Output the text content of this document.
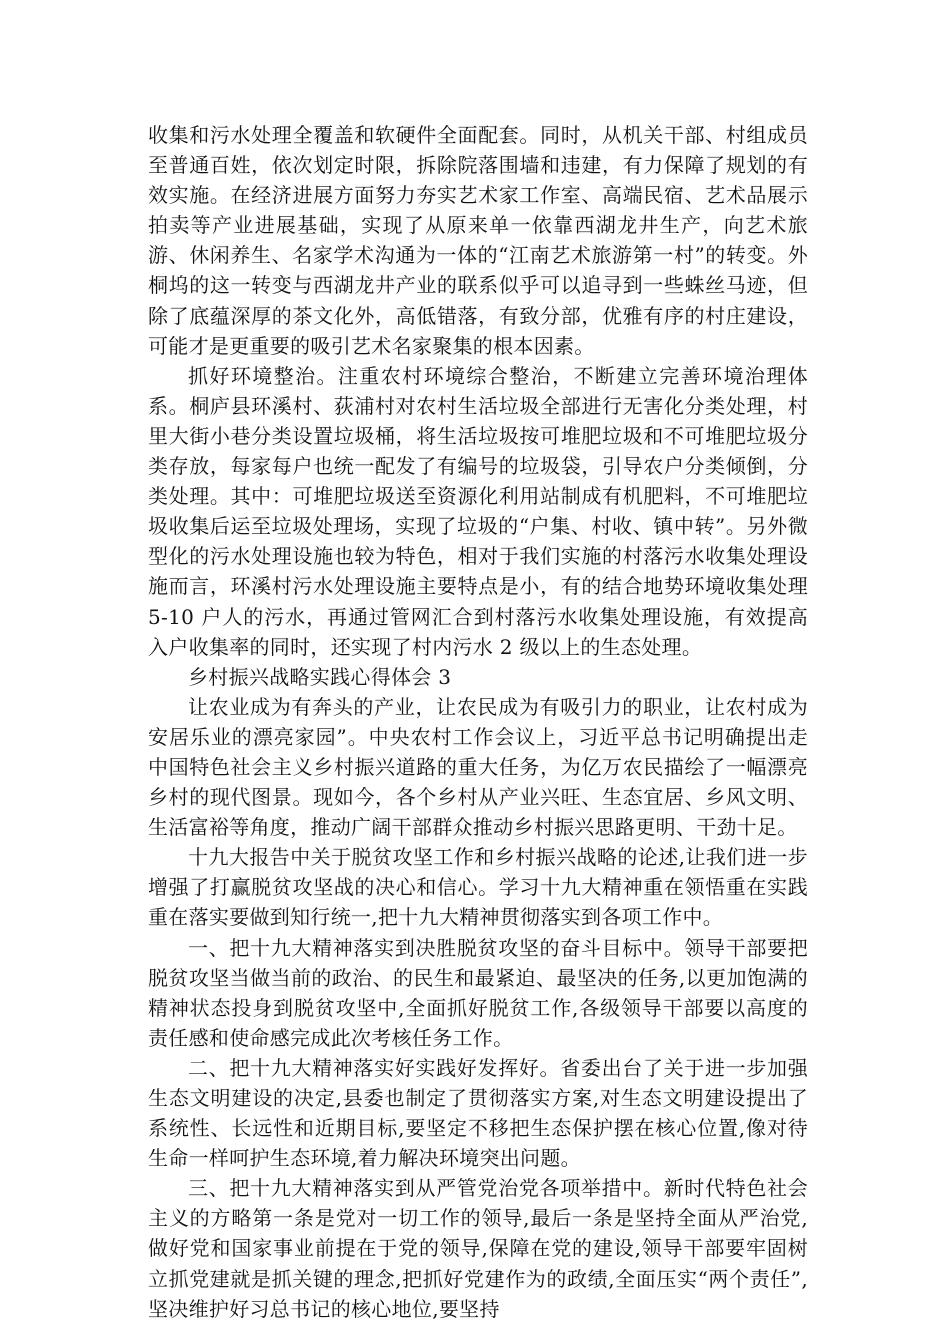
收集和污水处理全覆盖和软硬件全面配套。同时，从机关干部、村组成员至普通百姓，依次划定时限，拆除院落围墙和违建，有力保障了规划的有效实施。在经济进展方面努力夯实艺术家工作室、高端民宿、艺术品展示拍卖等产业进展基础，实现了从原来单一依靠西湖龙井生产，向艺术旅游、休闲养生、名家学术沟通为一体的“江南艺术旅游第一村”的转变。外桐坞的这一转变与西湖龙井产业的联系似乎可以追寻到一些蛛丝马迹，但除了底蕴深厚的茶文化外，高低错落，有致分部，优雅有序的村庄建设，可能才是更重要的吸引艺术名家聚集的根本因素。

抓好环境整治。注重农村环境综合整治，不断建立完善环境治理体系。桐庐县环溪村、荻浦村对农村生活垃圾全部进行无害化分类处理，村里大街小巷分类设置垃圾桶，将生活垃圾按可堆肥垃圾和不可堆肥垃圾分类存放，每家每户也统一配发了有编号的垃圾袋，引导农户分类倾倒，分类处理。其中：可堆肥垃圾送至资源化利用站制成有机肥料，不可堆肥垃圾收集后运至垃圾处理场，实现了垃圾的“户集、村收、镇中转”。另外微型化的污水处理设施也较为特色，相对于我们实施的村落污水收集处理设施而言，环溪村污水处理设施主要特点是小，有的结合地势环境收集处理 5-10 户人的污水，再通过管网汇合到村落污水收集处理设施，有效提高入户收集率的同时，还实现了村内污水 2 级以上的生态处理。

乡村振兴战略实践心得体会 3

让农业成为有奔头的产业，让农民成为有吸引力的职业，让农村成为安居乐业的漂亮家园”。中央农村工作会议上，习近平总书记明确提出走中国特色社会主义乡村振兴道路的重大任务，为亿万农民描绘了一幅漂亮乡村的现代图景。现如今，各个乡村从产业兴旺、生态宜居、乡风文明、生活富裕等角度，推动广阔干部群众推动乡村振兴思路更明、干劲十足。

十九大报告中关于脱贫攻坚工作和乡村振兴战略的论述,让我们进一步增强了打赢脱贫攻坚战的决心和信心。学习十九大精神重在领悟重在实践重在落实要做到知行统一,把十九大精神贯彻落实到各项工作中。

一、把十九大精神落实到决胜脱贫攻坚的奋斗目标中。领导干部要把脱贫攻坚当做当前的政治、的民生和最紧迫、最坚决的任务,以更加饱满的精神状态投身到脱贫攻坚中,全面抓好脱贫工作,各级领导干部要以高度的责任感和使命感完成此次考核任务工作。

二、把十九大精神落实好实践好发挥好。省委出台了关于进一步加强生态文明建设的决定,县委也制定了贯彻落实方案,对生态文明建设提出了系统性、长远性和近期目标,要坚定不移把生态保护摆在核心位置,像对待生命一样呵护生态环境,着力解决环境突出问题。

三、把十九大精神落实到从严管党治党各项举措中。新时代特色社会主义的方略第一条是党对一切工作的领导,最后一条是坚持全面从严治党,做好党和国家事业前提在于党的领导,保障在党的建设,领导干部要牢固树立抓党建就是抓关键的理念,把抓好党建作为的政绩,全面压实“两个责任”,坚决维护好习总书记的核心地位,要坚持
